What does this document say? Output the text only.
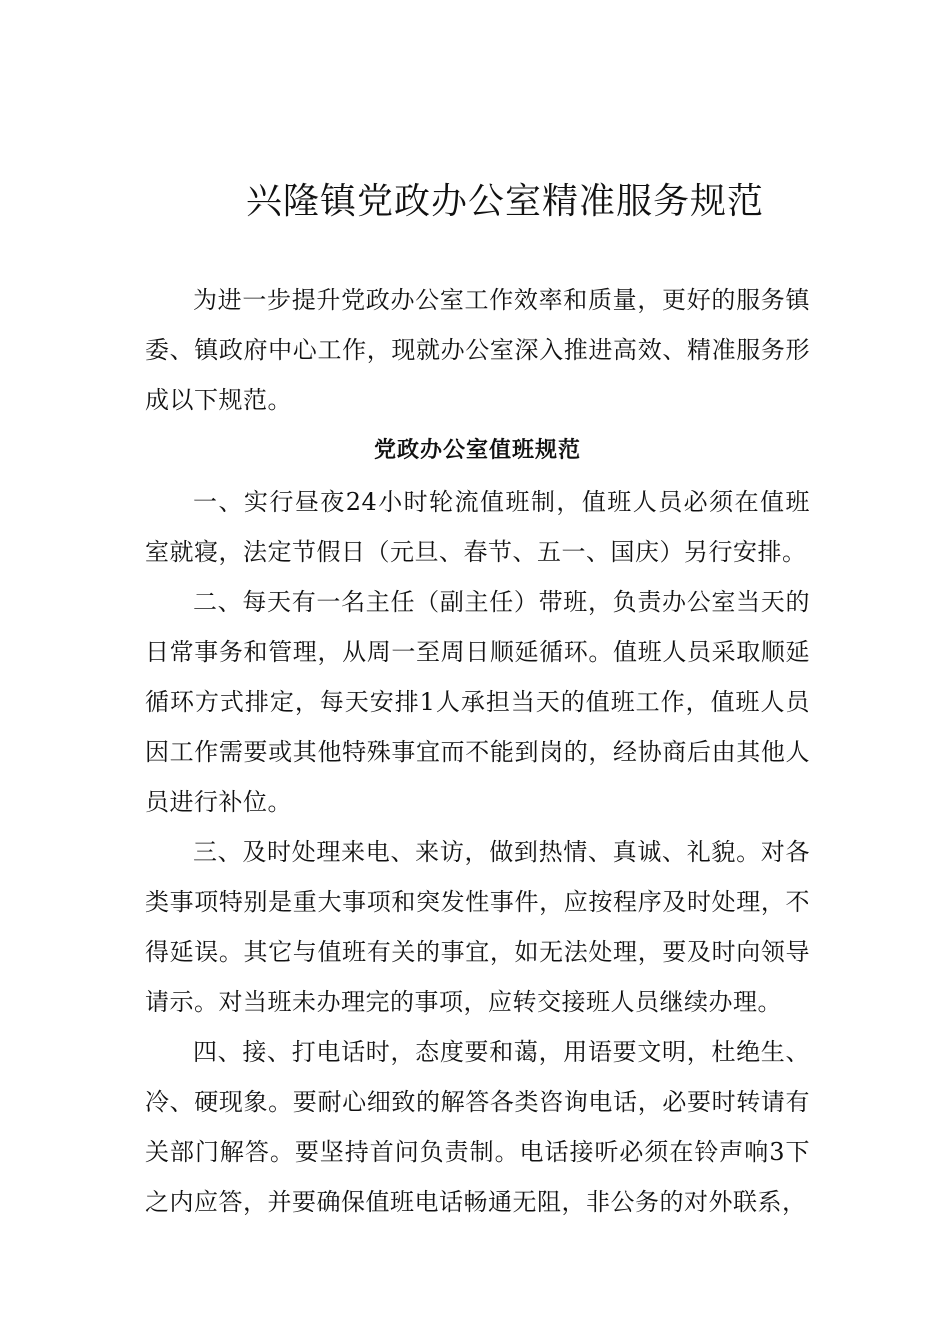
兴隆镇党政办公室精准服务规范

为进一步提升党政办公室工作效率和质量，更好的服务镇委、镇政府中心工作，现就办公室深入推进高效、精准服务形成以下规范。

党政办公室值班规范

一、实行昼夜24小时轮流值班制，值班人员必须在值班室就寝，法定节假日（元旦、春节、五一、国庆）另行安排。

二、每天有一名主任（副主任）带班，负责办公室当天的日常事务和管理，从周一至周日顺延循环。值班人员采取顺延循环方式排定，每天安排1人承担当天的值班工作，值班人员因工作需要或其他特殊事宜而不能到岗的，经协商后由其他人员进行补位。

三、及时处理来电、来访，做到热情、真诚、礼貌。对各类事项特别是重大事项和突发性事件，应按程序及时处理，不得延误。其它与值班有关的事宜，如无法处理，要及时向领导请示。对当班未办理完的事项，应转交接班人员继续办理。

四、接、打电话时，态度要和蔼，用语要文明，杜绝生、冷、硬现象。要耐心细致的解答各类咨询电话，必要时转请有关部门解答。要坚持首问负责制。电话接听必须在铃声响3下之内应答，并要确保值班电话畅通无阻，非公务的对外联系，
